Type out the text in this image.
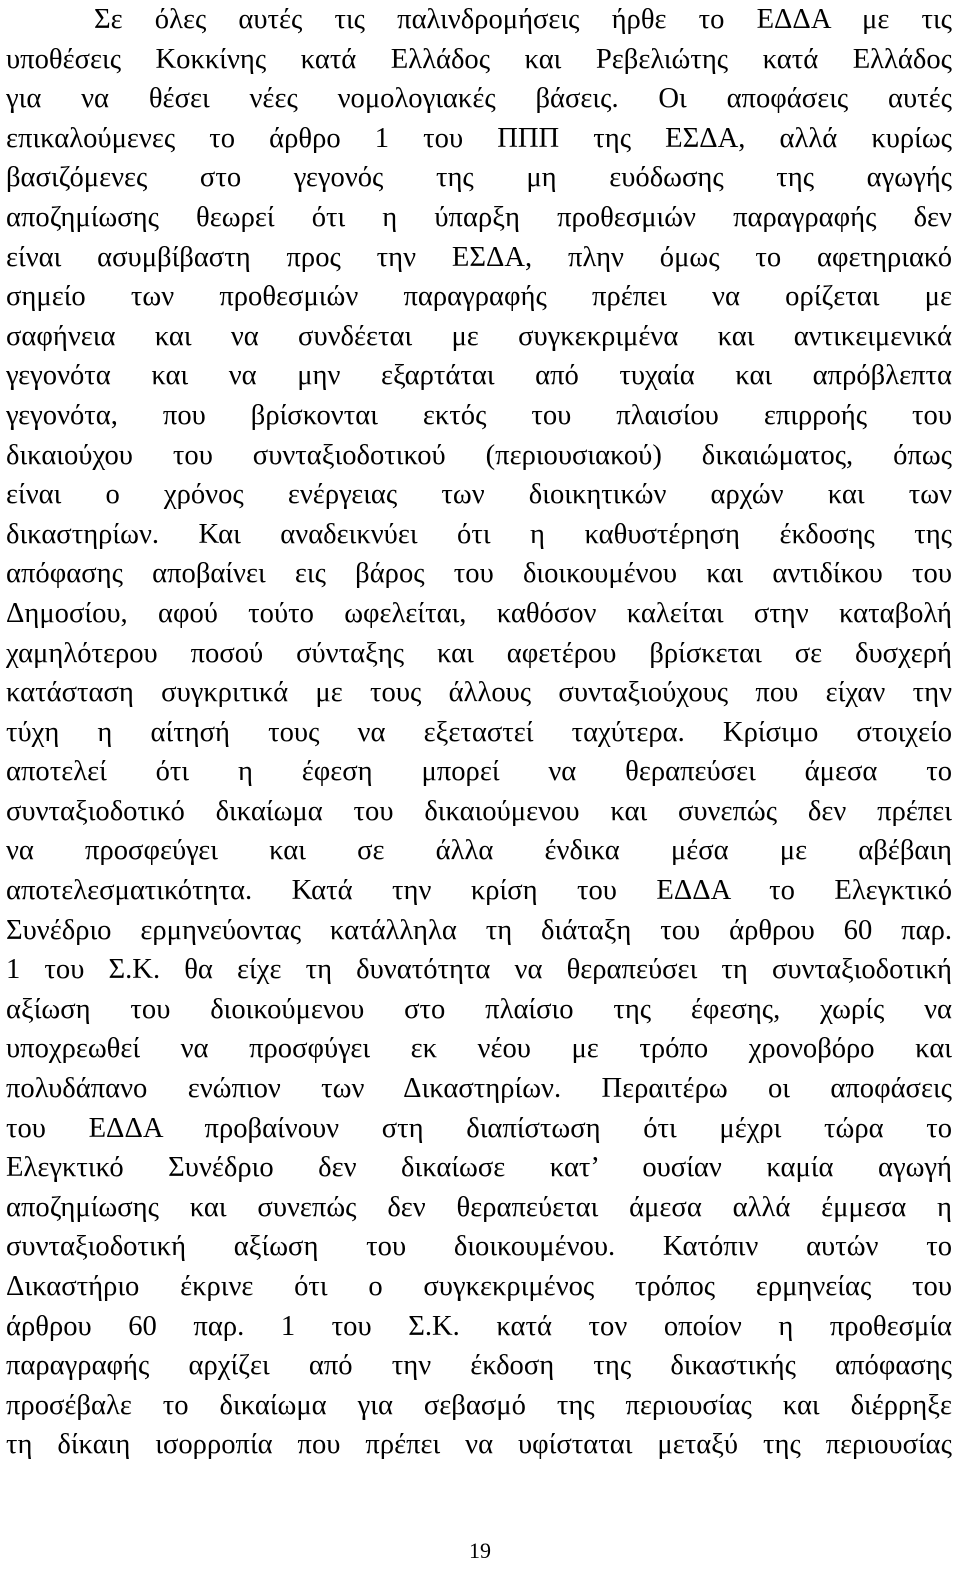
Σε όλες αυτές τις παλινδρομήσεις ήρθε το ΕΔΔΑ με τις
υποθέσεις Κοκκίνης κατά Ελλάδος και Ρεβελιώτης κατά Ελλάδος
για να θέσει νέες νομολογιακές βάσεις. Οι αποφάσεις αυτές
επικαλούμενες το άρθρο 1 του ΠΠΠ της ΕΣΔΑ, αλλά κυρίως
βασιζόμενες στο γεγονός της μη ευόδωσης της αγωγής
αποζημίωσης θεωρεί ότι η ύπαρξη προθεσμιών παραγραφής δεν
είναι ασυμβίβαστη προς την ΕΣΔΑ, πλην όμως το αφετηριακό
σημείο των προθεσμιών παραγραφής πρέπει να ορίζεται με
σαφήνεια και να συνδέεται με συγκεκριμένα και αντικειμενικά
γεγονότα και να μην εξαρτάται από τυχαία και απρόβλεπτα
γεγονότα, που βρίσκονται εκτός του πλαισίου επιρροής του
δικαιούχου του συνταξιοδοτικού (περιουσιακού) δικαιώματος, όπως
είναι ο χρόνος ενέργειας των διοικητικών αρχών και των
δικαστηρίων. Και αναδεικνύει ότι η καθυστέρηση έκδοσης της
απόφασης αποβαίνει εις βάρος του διοικουμένου και αντιδίκου του
Δημοσίου, αφού τούτο ωφελείται, καθόσον καλείται στην καταβολή
χαμηλότερου ποσού σύνταξης και αφετέρου βρίσκεται σε δυσχερή
κατάσταση συγκριτικά με τους άλλους συνταξιούχους που είχαν την
τύχη η αίτησή τους να εξεταστεί ταχύτερα. Κρίσιμο στοιχείο
αποτελεί ότι η έφεση μπορεί να θεραπεύσει άμεσα το
συνταξιοδοτικό δικαίωμα του δικαιούμενου και συνεπώς δεν πρέπει
να προσφεύγει και σε άλλα ένδικα μέσα με αβέβαιη
αποτελεσματικότητα. Κατά την κρίση του ΕΔΔΑ το Ελεγκτικό
Συνέδριο ερμηνεύοντας κατάλληλα τη διάταξη του άρθρου 60 παρ.
1 του Σ.Κ. θα είχε τη δυνατότητα να θεραπεύσει τη συνταξιοδοτική
αξίωση του διοικούμενου στο πλαίσιο της έφεσης, χωρίς να
υποχρεωθεί να προσφύγει εκ νέου με τρόπο χρονοβόρο και
πολυδάπανο ενώπιον των Δικαστηρίων. Περαιτέρω οι αποφάσεις
του ΕΔΔΑ προβαίνουν στη διαπίστωση ότι μέχρι τώρα το
Ελεγκτικό Συνέδριο δεν δικαίωσε κατ’ ουσίαν καμία αγωγή
αποζημίωσης και συνεπώς δεν θεραπεύεται άμεσα αλλά έμμεσα η
συνταξιοδοτική αξίωση του διοικουμένου. Κατόπιν αυτών το
Δικαστήριο έκρινε ότι ο συγκεκριμένος τρόπος ερμηνείας του
άρθρου 60 παρ. 1 του Σ.Κ. κατά τον οποίον η προθεσμία
παραγραφής αρχίζει από την έκδοση της δικαστικής απόφασης
προσέβαλε το δικαίωμα για σεβασμό της περιουσίας και διέρρηξε
τη δίκαιη ισορροπία που πρέπει να υφίσταται μεταξύ της περιουσίας
19
